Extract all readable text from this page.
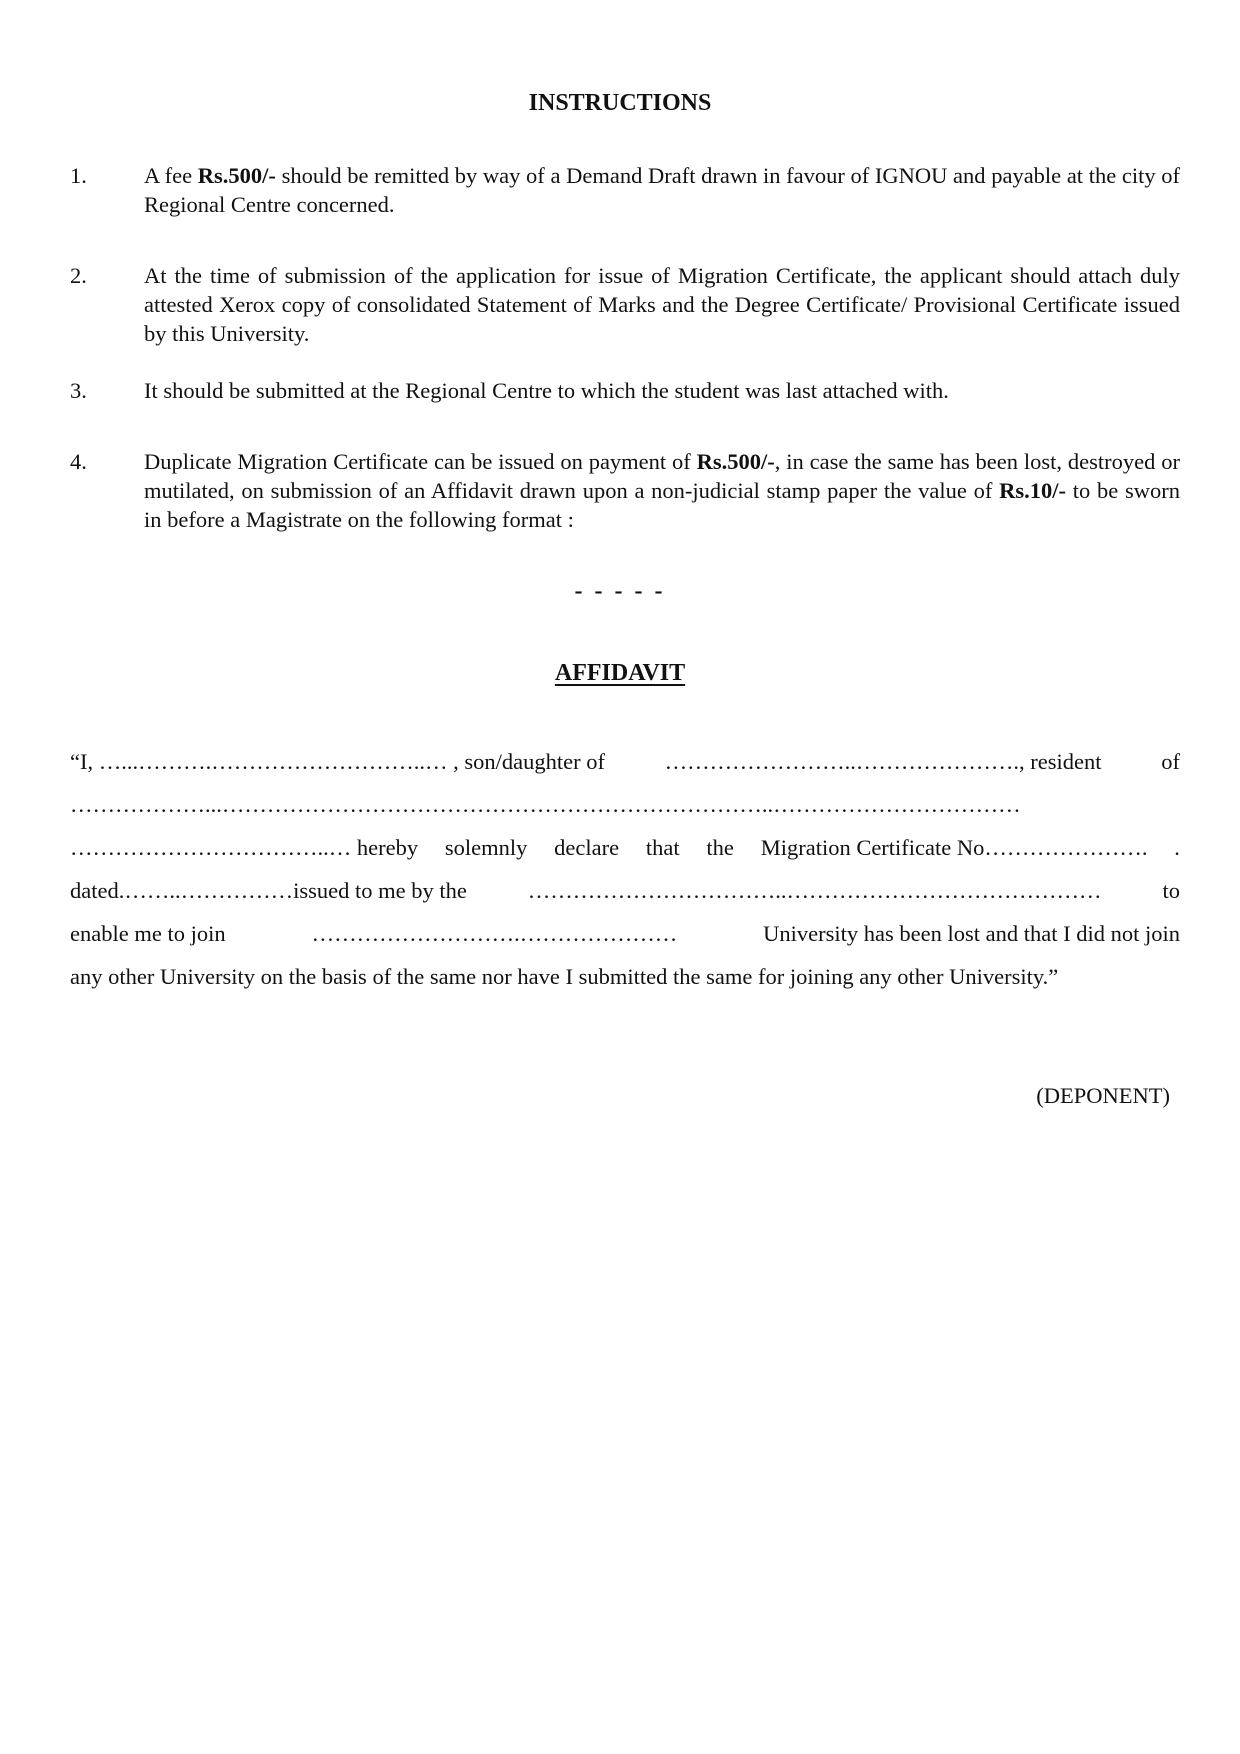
INSTRUCTIONS
1.	A fee Rs.500/- should be remitted by way of a Demand Draft drawn in favour of IGNOU and payable at the city of Regional Centre concerned.
2.	At the time of submission of the application for issue of Migration Certificate, the applicant should attach duly attested Xerox copy of consolidated Statement of Marks and the Degree Certificate/ Provisional Certificate issued by this University.
3.	It should be submitted at the Regional Centre to which the student was last attached with.
4.	Duplicate Migration Certificate can be issued on payment of Rs.500/-, in case the same has been lost, destroyed or mutilated, on submission of an Affidavit drawn upon a non-judicial stamp paper the value of Rs.10/- to be sworn in before a Magistrate on the following format :
- - - - -
AFFIDAVIT
“I, …...……….………………………..… , son/daughter of	……………………..…………………., resident	of
………………...………………………………………………………………..……………………………
……………………………..… hereby solemnly declare that the Migration Certificate No…………………. .
dated.……..……………issued to me by the	……………………………..……………………………………	to
enable me to join	……………………….…………………	University has been lost and that I did not join
any other University on the basis of the same nor have I submitted the same for joining any other University.”
(DEPONENT)
